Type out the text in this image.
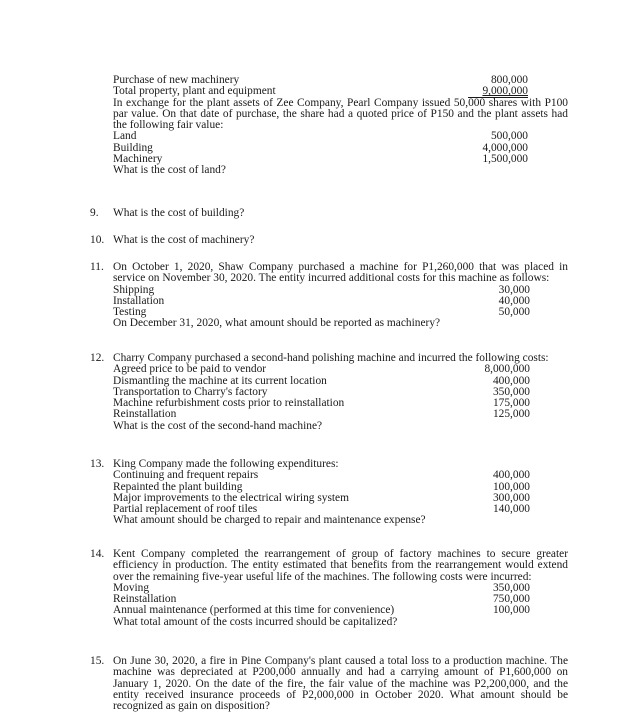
Purchase of new machinery	800,000
Total property, plant and equipment	9,000,000

In exchange for the plant assets of Zee Company, Pearl Company issued 50,000 shares with P100 par value. On that date of purchase, the share had a quoted price of P150 and the plant assets had the following fair value:

Land	500,000
Building	4,000,000
Machinery	1,500,000

What is the cost of land?

9.	What is the cost of building?

10. What is the cost of machinery?

11. On October 1, 2020, Shaw Company purchased a machine for P1,260,000 that was placed in service on November 30, 2020. The entity incurred additional costs for this machine as follows:

Shipping	30,000
Installation	40,000
Testing	50,000

On December 31, 2020, what amount should be reported as machinery?

12. Charry Company purchased a second-hand polishing machine and incurred the following costs:

Agreed price to be paid to vendor	8,000,000
Dismantling the machine at its current location	400,000
Transportation to Charry's factory	350,000
Machine refurbishment costs prior to reinstallation	175,000
Reinstallation	125,000

What is the cost of the second-hand machine?

13. King Company made the following expenditures:

Continuing and frequent repairs	400,000
Repainted the plant building	100,000
Major improvements to the electrical wiring system	300,000
Partial replacement of roof tiles	140,000

What amount should be charged to repair and maintenance expense?

14. Kent Company completed the rearrangement of group of factory machines to secure greater efficiency in production. The entity estimated that benefits from the rearrangement would extend over the remaining five-year useful life of the machines. The following costs were incurred:

Moving	350,000
Reinstallation	750,000
Annual maintenance (performed at this time for convenience)	100,000

What total amount of the costs incurred should be capitalized?

15. On June 30, 2020, a fire in Pine Company's plant caused a total loss to a production machine. The machine was depreciated at P200,000 annually and had a carrying amount of P1,600,000 on January 1, 2020. On the date of the fire, the fair value of the machine was P2,200,000, and the entity received insurance proceeds of P2,000,000 in October 2020. What amount should be recognized as gain on disposition?
